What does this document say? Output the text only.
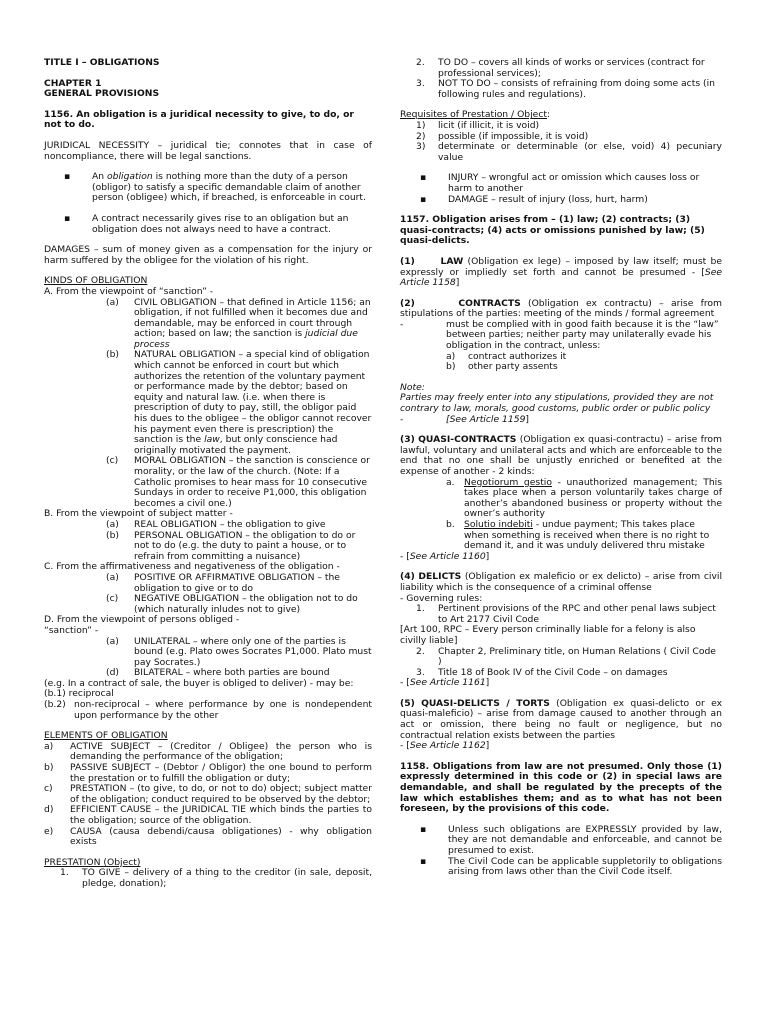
TITLE I – OBLIGATIONS

CHAPTER 1

GENERAL PROVISIONS

1156. An obligation is a juridical necessity to give, to do, or not to do.

JURIDICAL NECESSITY – juridical tie; connotes that in case of noncompliance, there will be legal sanctions.

▪	An obligation is nothing more than the duty of a person (obligor) to satisfy a specific demandable claim of another person (obligee) which, if breached, is enforceable in court.
▪	A contract necessarily gives rise to an obligation but an obligation does not always need to have a contract.

DAMAGES – sum of money given as a compensation for the injury or harm suffered by the obligee for the violation of his right.

KINDS OF OBLIGATION

A. From the viewpoint of “sanction” -

(a)	CIVIL OBLIGATION – that defined in Article 1156; an obligation, if not fulfilled when it becomes due and demandable, may be enforced in court through action; based on law; the sanction is judicial due process
(b)	NATURAL OBLIGATION – a special kind of obligation which cannot be enforced in court but which authorizes the retention of the voluntary payment or performance made by the debtor; based on equity and natural law. (i.e. when there is prescription of duty to pay, still, the obligor paid his dues to the obligee – the obligor cannot recover his payment even there is prescription) the sanction is the law, but only conscience had originally motivated the payment.
(c)	MORAL OBLIGATION – the sanction is conscience or morality, or the law of the church. (Note: If a Catholic promises to hear mass for 10 consecutive Sundays in order to receive P1,000, this obligation becomes a civil one.)

B. From the viewpoint of subject matter -

(a)	REAL OBLIGATION – the obligation to give
(b)	PERSONAL OBLIGATION – the obligation to do or not to do (e.g. the duty to paint a house, or to refrain from committing a nuisance)

C. From the affirmativeness and negativeness of the obligation -

(a)	POSITIVE OR AFFIRMATIVE OBLIGATION – the obligation to give or to do
(c)	NEGATIVE OBLIGATION – the obligation not to do (which naturally inludes not to give)

D. From the viewpoint of persons obliged -

“sanction” -

(a)	UNILATERAL – where only one of the parties is bound (e.g. Plato owes Socrates P1,000. Plato must pay Socrates.)
(d)	BILATERAL – where both parties are bound

(e.g. In a contract of sale, the buyer is obliged to deliver) - may be:

(b.1) reciprocal

(b.2) non-reciprocal – where performance by one is nondependent upon performance by the other

ELEMENTS OF OBLIGATION

a)	ACTIVE SUBJECT – (Creditor / Obligee) the person who is demanding the performance of the obligation;
b)	PASSIVE SUBJECT – (Debtor / Obligor) the one bound to perform the prestation or to fulfill the obligation or duty;
c)	PRESTATION – (to give, to do, or not to do) object; subject matter of the obligation; conduct required to be observed by the debtor;
d)	EFFICIENT CAUSE – the JURIDICAL TIE which binds the parties to the obligation; source of the obligation.
e)	CAUSA (causa debendi/causa obligationes) - why obligation exists

PRESTATION (Object)

1.	TO GIVE – delivery of a thing to the creditor (in sale, deposit, pledge, donation);
2.	TO DO – covers all kinds of works or services (contract for professional services);
3.	NOT TO DO – consists of refraining from doing some acts (in following rules and regulations).

Requisites of Prestation / Object:

1)	licit (if illicit, it is void)
2)	possible (if impossible, it is void)
3)	determinate or determinable (or else, void) 4) pecuniary value
▪	INJURY – wrongful act or omission which causes loss or harm to another
▪	DAMAGE – result of injury (loss, hurt, harm)

1157. Obligation arises from – (1) law; (2) contracts; (3) quasi-contracts; (4) acts or omissions punished by law; (5) quasi-delicts.

(1)	LAW (Obligation ex lege) – imposed by law itself; must be expressly or impliedly set forth and cannot be presumed - [See Article 1158]

(2)	CONTRACTS (Obligation ex contractu) – arise from stipulations of the parties: meeting of the minds / formal agreement

-	must be complied with in good faith because it is the “law” between parties; neither party may unilaterally evade his obligation in the contract, unless:
a)	contract authorizes it
b)	other party assents

Note:

Parties may freely enter into any stipulations, provided they are not contrary to law, morals, good customs, public order or public policy

-	[See Article 1159]

(3) QUASI-CONTRACTS (Obligation ex quasi-contractu) – arise from lawful, voluntary and unilateral acts and which are enforceable to the end that no one shall be unjustly enriched or benefited at the expense of another - 2 kinds:

a.	Negotiorum gestio - unauthorized management; This takes place when a person voluntarily takes charge of another’s abandoned business or property without the owner’s authority
b.	Solutio indebiti - undue payment; This takes place when something is received when there is no right to demand it, and it was unduly delivered thru mistake

- [See Article 1160]

(4) DELICTS (Obligation ex maleficio or ex delicto) – arise from civil liability which is the consequence of a criminal offense

- Governing rules:

1.	Pertinent provisions of the RPC and other penal laws subject to Art 2177 Civil Code

[Art 100, RPC – Every person criminally liable for a felony is also civilly liable]

2.	Chapter 2, Preliminary title, on Human Relations ( Civil Code )
3.	Title 18 of Book IV of the Civil Code – on damages

- [See Article 1161]

(5) QUASI-DELICTS / TORTS (Obligation ex quasi-delicto or ex quasi-maleficio) – arise from damage caused to another through an act or omission, there being no fault or negligence, but no contractual relation exists between the parties

- [See Article 1162]

1158. Obligations from law are not presumed. Only those (1) expressly determined in this code or (2) in special laws are demandable, and shall be regulated by the precepts of the law which establishes them; and as to what has not been foreseen, by the provisions of this code.

▪	Unless such obligations are EXPRESSLY provided by law, they are not demandable and enforceable, and cannot be presumed to exist.
▪	The Civil Code can be applicable suppletorily to obligations arising from laws other than the Civil Code itself.
